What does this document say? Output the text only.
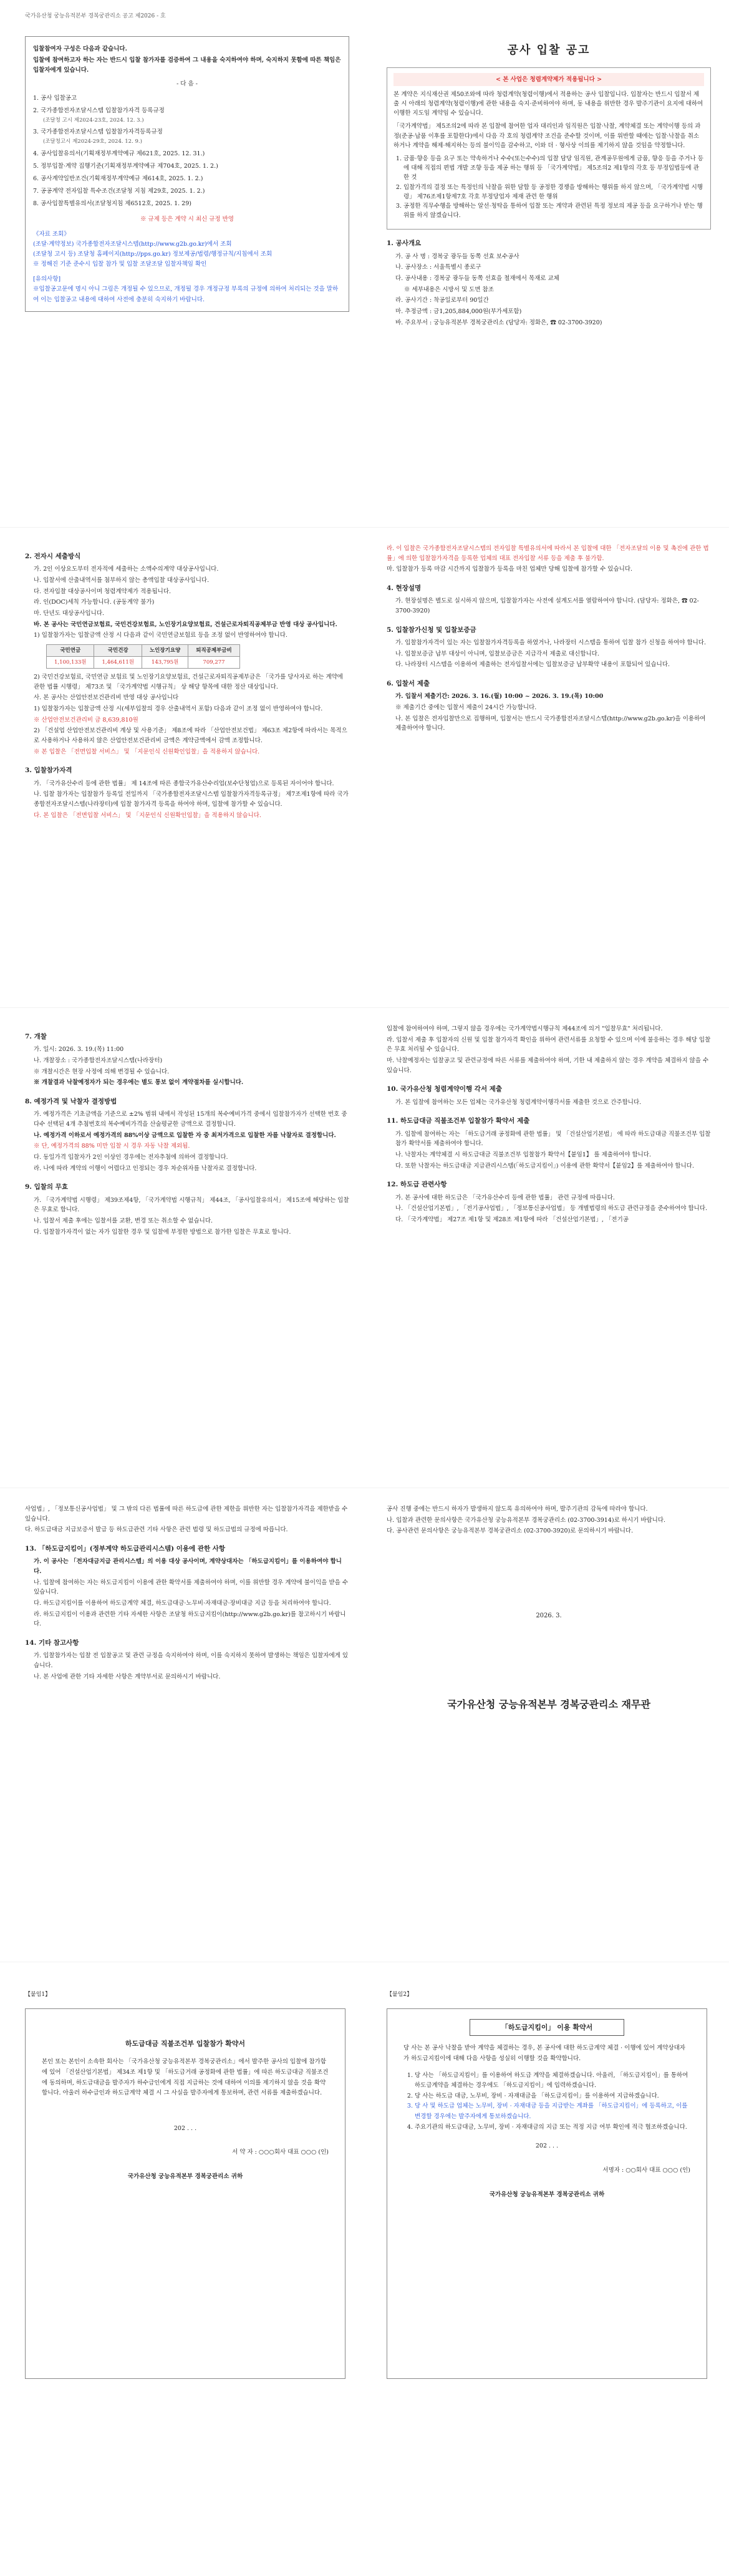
국가유산청 궁능유적본부 경복궁관리소 공고 제2026 - 호
입찰참여자 구성은 다음과 같습니다.
입찰에 참여하고자 하는 자는 반드시 입찰 참가자를 검증하여 그 내용을 숙지하여야 하며, 숙지하지 못함에 따른 책임은 입찰자에게 있습니다.
- 다 음 -
1. 공사 입찰공고
2. 국가종합전자조달시스템 입찰참가자격 등록규정
(조달청 고시 제2024-23호, 2024. 12. 3.)
3. 국가종합전자조달시스템 입찰참가자격등록규정
(조달청고시 제2024-29호, 2024. 12. 9.)
4. 공사입찰유의서(기획재정부계약예규 제621호, 2025. 12. 31.)
5. 정부입찰·계약 집행기준(기획재정부계약예규 제704호, 2025. 1. 2.)
6. 공사계약일반조건(기획재정부계약예규 제614호, 2025. 1. 2.)
7. 공공계약 전자입찰 특수조건(조달청 지침 제29호, 2025. 1. 2.)
8. 공사입찰특별유의서(조달청지침 제6512호, 2025. 1. 29)
※ 규제 등은 계약 시 최신 규정 반영
《자료 조회》
(조달·계약정보) 국가종합전자조달시스템(http://www.g2b.go.kr)에서 조회
(조달청 고시 등) 조달청 홈페이지(http://pps.go.kr) 정보제공/법령/행정규칙/지침에서 조회
※ 정해진 기준 준수시 입찰 참가 및 입찰 조달조달 입찰자책임 확인
[유의사항]
※입찰공고문에 명시 아니 그림은 개정될 수 있으므로, 개정될 경우 개정규정 부록의 규정에 의하여 처리되는 것을 말하여 이는 입찰공고 내용에 대하여 사전에 충분히 숙지하기 바랍니다.
공사 입찰 공고
< 본 사업은 청렴계약제가 적용됩니다 >

본 계약은 지식재산권 제50조와에 따라 청렴계약(청렴이행)에서 적용하는 공사 입찰입니다. 입찰자는 반드시 입찰서 제출 시 아래의 청렴계약(청렴이행)에 관한 내용을 숙지·준비하여야 하며, 동 내용을 위반한 경우 발주기관이 요지에 대하여 이행한 지도임 계약임 수 있습니다.

「국가계약법」 제5조의2에 따라 본 입찰에 참여한 업자 대리인과 임직원은 입찰·낙찰, 계약체결 또는 계약이행 등의 과정(준공·납품 이후를 포함한다)에서 다음 각 호의 청렴계약 조건을 준수할 것이며, 이를 위반할 때에는 입찰·낙찰을 취소하거나 계약을 해제·해지하는 등의 불이익을 감수하고, 이와 더 · 형사상 이의를 제기하지 않을 것임을 약정합니다.

1. 금품·향응 등을 요구 또는 약속하거나 수수(또는수수)의 입찰 담당 임직원, 관계공무원에게 금품, 향응 등을 주거나 등에 대해 직접의 편법 개발 조향 등을 제공 하는 행위 등 「국가계약법」 제5조의2 제1항의 각호 등 부정입법등에 관한 것
2. 입찰가격의 결정 또는 특정인의 낙찰을 위한 담합 등 공정한 경쟁을 방해하는 행위를 하지 않으며, 「국가계약법 시행령」 제76조제1항제7호 각호 부정당업자 제재 관련 한 행위
3. 공정한 직무수행을 방해하는 알선·청탁을 통하여 입찰 또는 계약과 관련된 특정 정보의 제공 등을 요구하거나 받는 행위를 하지 않겠습니다.
1. 공사개요
가. 공 사 명 : 경복궁 광두들 동쪽 선효 보수공사
나. 공사장소 : 서울특별시 종로구
다. 공사내용 : 경복궁 광두들 동쪽 선효을 철재에서 목재로 교체
※ 세부내용은 시방서 및 도면 참조
라. 공사기간 : 착공일로부터 90일간
마. 추정금액 : 금1,205,884,000원(부가세포함)
바. 주요부서 : 궁능유적본부 경복궁관리소 (담당자: 정화은, ☎ 02-3700-3920)
2. 전자시 세출방식
가. 2인 이상요도부터 전자적에 세출하는 소액수의계약 대상공사입니다.
나. 입찰서에 산출내역서를 첨부하지 않는 총액입찰 대상공사입니다.
다. 전자입찰 대상공사이며 청렴계약제가 적용됩니다.
라. 인(DOC)세칙 가능합니다. (공동계약 불가)
마. 단년도 대상공사입니다.
바. 본 공사는 국민연금보험료, 국민건강보험료, 노인장기요양보험료, 건설근로자퇴직공제부금 반영 대상 공사입니다.
1) 입찰참가자는 입찰금액 산정 시 다음과 같이 국민연금보험료 등을 조정 없이 반영하여야 합니다.
국민연금	국민건강	노인장기요양	퇴직공제부금비
1,100,133원	1,464,611원	143,795원	709,277
2) 국민건강보험료, 국민연금 보험료 및 노인장기요양보험료, 건설근로자퇴직공제부금은 「국가를 당사자로 하는 계약에 관한 법률 시행령」 제73조 및 「국가계약법 시행규칙」 상 해당 항목에 대한 정산 대상입니다.
사. 본 공사는 산업안전보건관리비 반영 대상 공사입니다
1) 입찰참가자는 입찰금액 산정 시(세부입찰의 경우 산출내역서 포함) 다음과 같이 조정 없이 반영하여야 합니다.
※ 산업안전보건관리비 금 8,639,810원
2) 「건설업 산업안전보건관리비 계상 및 사용기준」 제8조에 따라 「산업안전보건법」 제63조 제2항에 따라서는 목적으로 사용하거나 사용하지 않은 산업안전보건관리비 금액은 계약금액에서 감액 조정합니다.
※ 본 입찰은 「전면입찰 서비스」 및 「지문인식 신원확인입찰」을 적용하지 않습니다.
3. 입찰참가자격
가. 「국가유산수리 등에 관한 법률」 제 14조에 따른 종합국가유산수리업(보수단청업)으로 등록된 자이어야 합니다.
나. 입찰 참가자는 입찰참가 등록일 전일까지 「국가종합전자조달시스템 입찰참가자격등록규정」 제7조제1항에 따라 국가종합전자조달시스템(나라장터)에 입찰 참가자격 등록을 하여야 하며, 입찰에 참가할 수 있습니다.
다. 본 입찰은 「전면입찰 서비스」 및 「지문인식 신원확인입찰」을 적용하지 않습니다.
라. 이 입찰은 국가종합전자조달시스템의 전자입찰 특별유의서에 따라서 본 입찰에 대한 「전자조달의 이용 및 촉진에 관한 법률」에 의한 입찰참가자격을 등록한 업체의 대표 전자입찰 서류 등을 제출 후 불가함.
마. 입찰참가 등록 마감 시간까지 입찰참가 등록을 마친 업체만 당해 입찰에 참가할 수 있습니다.
4. 현장설명
가. 현장설명은 별도로 실시하지 않으며, 입찰참가자는 사전에 설계도서를 열람하여야 합니다. (담당자: 정화은, ☎ 02-3700-3920)
5. 입찰참가신청 및 입찰보증금
가. 입찰참가자격이 있는 자는 입찰참가자격등록을 하였거나, 나라장터 시스템을 통하여 입찰 참가 신청을 하여야 합니다.
나. 입찰보증금 납부 대상이 아니며, 입찰보증금은 지급각서 제출로 대신합니다.
다. 나라장터 시스템을 이용하여 제출하는 전자입찰서에는 입찰보증금 납부확약 내용이 포함되어 있습니다.
6. 입찰서 제출
가. 입찰서 제출기간: 2026. 3. 16.(월) 10:00 ~ 2026. 3. 19.(목) 10:00
※ 제출기간 중에는 입찰서 제출이 24시간 가능합니다.
나. 본 입찰은 전자입찰만으로 집행하며, 입찰서는 반드시 국가종합전자조달시스템(http://www.g2b.go.kr)을 이용하여 제출하여야 합니다.
7. 개찰
가. 일시: 2026. 3. 19.(목) 11:00
나. 개찰장소 : 국가종합전자조달시스템(나라장터)
※ 개찰시간은 현장 사정에 의해 변경될 수 있습니다.
※ 개찰결과 낙찰예정자가 되는 경우에는 별도 통보 없이 계약절차를 실시합니다.
8. 예정가격 및 낙찰자 결정방법
가. 예정가격은 기초금액을 기준으로 ±2% 범위 내에서 작성된 15개의 복수예비가격 중에서 입찰참가자가 선택한 번호 중 다수 선택된 4개 추첨번호의 복수예비가격을 산술평균한 금액으로 결정합니다.
나. 예정가격 이하로서 예정가격의 88%이상 금액으로 입찰한 자 중 최저가격으로 입찰한 자를 낙찰자로 결정합니다.
※ 단, 예정가격의 88% 미만 입찰 시 경우 자동 낙찰 제외됨.
다. 동일가격 입찰자가 2인 이상인 경우에는 전자추첨에 의하여 결정합니다.
라. 나에 따라 계약의 이행이 어렵다고 인정되는 경우 차순위자를 낙찰자로 결정합니다.
9. 입찰의 무효
가. 「국가계약법 시행령」 제39조제4항, 「국가계약법 시행규칙」 제44조, 「공사입찰유의서」 제15조에 해당하는 입찰은 무효로 합니다.
나. 입찰서 제출 후에는 입찰서를 교환, 변경 또는 취소할 수 없습니다.
다. 입찰참가자격이 없는 자가 입찰한 경우 및 입찰에 부정한 방법으로 참가한 입찰은 무효로 합니다.
입찰에 참여하여야 하며, 그렇지 않을 경우에는 국가계약법시행규칙 제44조에 의거 "입찰무효" 처리됩니다.
라. 입찰서 제출 후 입찰자의 신원 및 입찰 참가자격 확인을 위하여 관련서류를 요청할 수 있으며 이에 불응하는 경우 해당 입찰은 무효 처리될 수 있습니다.
마. 낙찰예정자는 입찰공고 및 관련규정에 따른 서류를 제출하여야 하며, 기한 내 제출하지 않는 경우 계약을 체결하지 않을 수 있습니다.
10. 국가유산청 청렴계약이행 각서 제출
가. 본 입찰에 참여하는 모든 업체는 국가유산청 청렴계약이행각서를 제출한 것으로 간주합니다.
11. 하도급대금 직불조건부 입찰참가 확약서 제출
가. 입찰에 참여하는 자는 「하도급거래 공정화에 관한 법률」 및 「건설산업기본법」 에 따라 하도급대금 직불조건부 입찰참가 확약서를 제출하여야 합니다.
나. 낙찰자는 계약체결 시 하도급대금 직불조건부 입찰참가 확약서【붙임1】 를 제출하여야 합니다.
다. 또한 낙찰자는 하도급대금 지급관리시스템(「하도급지킴이」) 이용에 관한 확약서【붙임2】를 제출하여야 합니다.
12. 하도급 관련사항
가. 본 공사에 대한 하도급은 「국가유산수리 등에 관한 법률」 관련 규정에 따릅니다.
나. 「건설산업기본법」, 「전기공사업법」, 「정보통신공사업법」 등 개별법령의 하도급 관련규정을 준수하여야 합니다.
다. 「국가계약법」 제27조 제1항 및 제28조 제1항에 따라 「건설산업기본법」, 「전기공
사업법」, 「정보통신공사업법」 및 그 밖의 다른 법률에 따른 하도급에 관한 제한을 위반한 자는 입찰참가자격을 제한받을 수 있습니다.
다. 하도급대금 지급보증서 발급 등 하도급관련 기타 사항은 관련 법령 및 하도급법의 규정에 따릅니다.
13. 「하도급지킴이」(정부계약 하도급관리시스템) 이용에 관한 사항
가. 이 공사는 「전자대금지급 관리시스템」의 이용 대상 공사이며, 계약상대자는 「하도급지킴이」를 이용하여야 합니다.
나. 입찰에 참여하는 자는 하도급지킴이 이용에 관한 확약서를 제출하여야 하며, 이를 위반할 경우 계약에 불이익을 받을 수 있습니다.
다. 하도급지킴이를 이용하여 하도급계약 체결, 하도급대금·노무비·자재대금·장비대금 지급 등을 처리하여야 합니다.
라. 하도급지킴이 이용과 관련한 기타 자세한 사항은 조달청 하도급지킴이(http://www.g2b.go.kr)를 참고하시기 바랍니다.
14. 기타 참고사항
가. 입찰참가자는 입찰 전 입찰공고 및 관련 규정을 숙지하여야 하며, 이를 숙지하지 못하여 발생하는 책임은 입찰자에게 있습니다.
나. 본 사업에 관한 기타 자세한 사항은 계약부서로 문의하시기 바랍니다.
공사 진행 중에는 반드시 하자가 발생하지 않도록 유의하여야 하며, 발주기관의 감독에 따라야 합니다.
나. 입찰과 관련한 문의사항은 국가유산청 궁능유적본부 경복궁관리소 (02-3700-3914)로 하시기 바랍니다.
다. 공사관련 문의사항은 궁능유적본부 경복궁관리소 (02-3700-3920)로 문의하시기 바랍니다.
2026. 3.
국가유산청 궁능유적본부 경복궁관리소 재무관
【붙임1】
하도급대금 직불조건부 입찰참가 확약서
본인 또는 본인이 소속한 회사는 「국가유산청 궁능유적본부 경복궁관리소」에서 발주한 공사의 입찰에 참가함에 있어 「건설산업기본법」 제34조 제1항 및 「하도급거래 공정화에 관한 법률」에 따른 하도급대금 직불조건에 동의하며, 하도급대금을 발주자가 하수급인에게 직접 지급하는 것에 대하여 이의를 제기하지 않을 것을 확약합니다. 아울러 하수급인과 하도급계약 체결 시 그 사실을 발주자에게 통보하며, 관련 서류를 제출하겠습니다.
202 . . .
서 약 자 : ○○○회사 대표 ○○○ (인)
국가유산청 궁능유적본부 경복궁관리소 귀하
【붙임2】
「하도급지킴이」 이용 확약서
당 사는 본 공사 낙찰을 받아 계약을 체결하는 경우, 본 공사에 대한 하도급계약 체결 · 이행에 있어 계약상대자가 하도급지킴이에 대해 다음 사항을 성실히 이행할 것을 확약합니다.
1. 당 사는 「하도급지킴이」를 이용하여 하도급 계약을 체결하겠습니다. 아울러, 「하도급지킴이」를 통하여 하도급계약을 체결하는 경우에도 「하도급지킴이」에 입력하겠습니다.
2. 당 사는 하도급 대금, 노무비, 장비 · 자재대금을 「하도급지킴이」를 이용하여 지급하겠습니다.
3. 당 사 및 하도급 업체는 노무비, 장비 · 자재대금 등을 지급받는 계좌를 「하도급지킴이」에 등록하고, 이를 변경할 경우에는 발주자에게 통보하겠습니다.
4. 주요기관의 하도급대금, 노무비, 장비 · 자재대금의 지급 또는 적정 지급 여부 확인에 적극 협조하겠습니다.
202 . . .
서명자 : ○○회사 대표 ○○○ (인)
국가유산청 궁능유적본부 경복궁관리소 귀하
